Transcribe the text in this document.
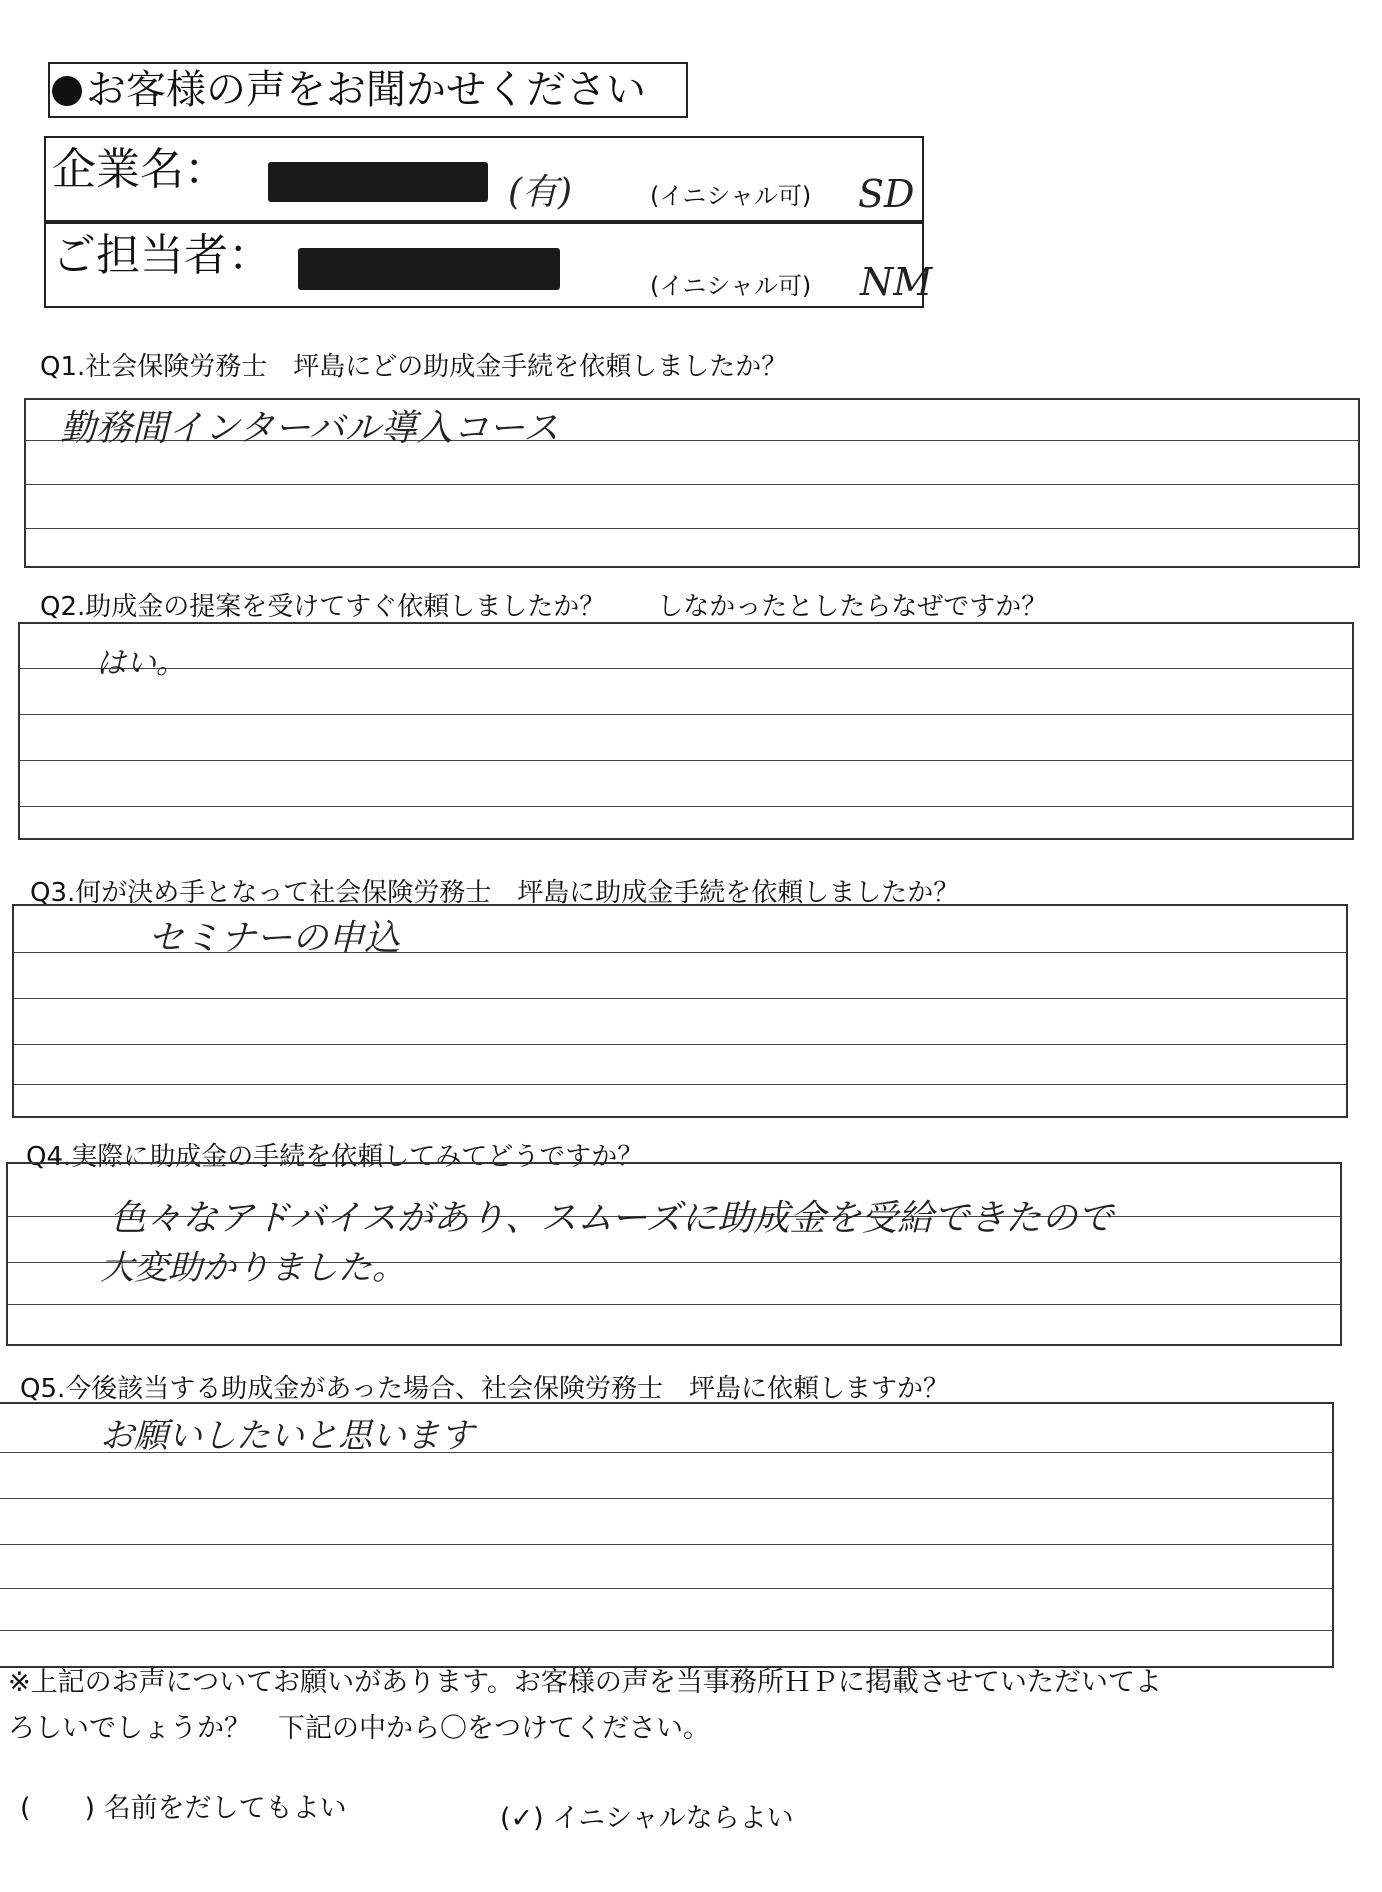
お客様の声をお聞かせください
企業名：	(有)	(イニシャル可) SD
ご担当者：
(イニシャル可) NM
Q1.社会保険労務士　坪島にどの助成金手続を依頼しましたか？
勤務間インターバル導入コース
Q2.助成金の提案を受けてすぐ依頼しましたか？　　しなかったとしたらなぜですか？
はい。
Q3.何が決め手となって社会保険労務士　坪島に助成金手続を依頼しましたか？
セミナーの申込
Q4.実際に助成金の手続を依頼してみてどうですか？
色々なアドバイスがあり、スムーズに助成金を受給できたので
大変助かりました。
Q5.今後該当する助成金があった場合、社会保険労務士　坪島に依頼しますか？
お願いしたいと思います
※上記のお声についてお願いがあります。お客様の声を当事務所ＨＰに掲載させていただいてよ
ろしいでしょうか？　下記の中から〇をつけてください。
(　　) 名前をだしてもよい	(✓) イニシャルならよい
